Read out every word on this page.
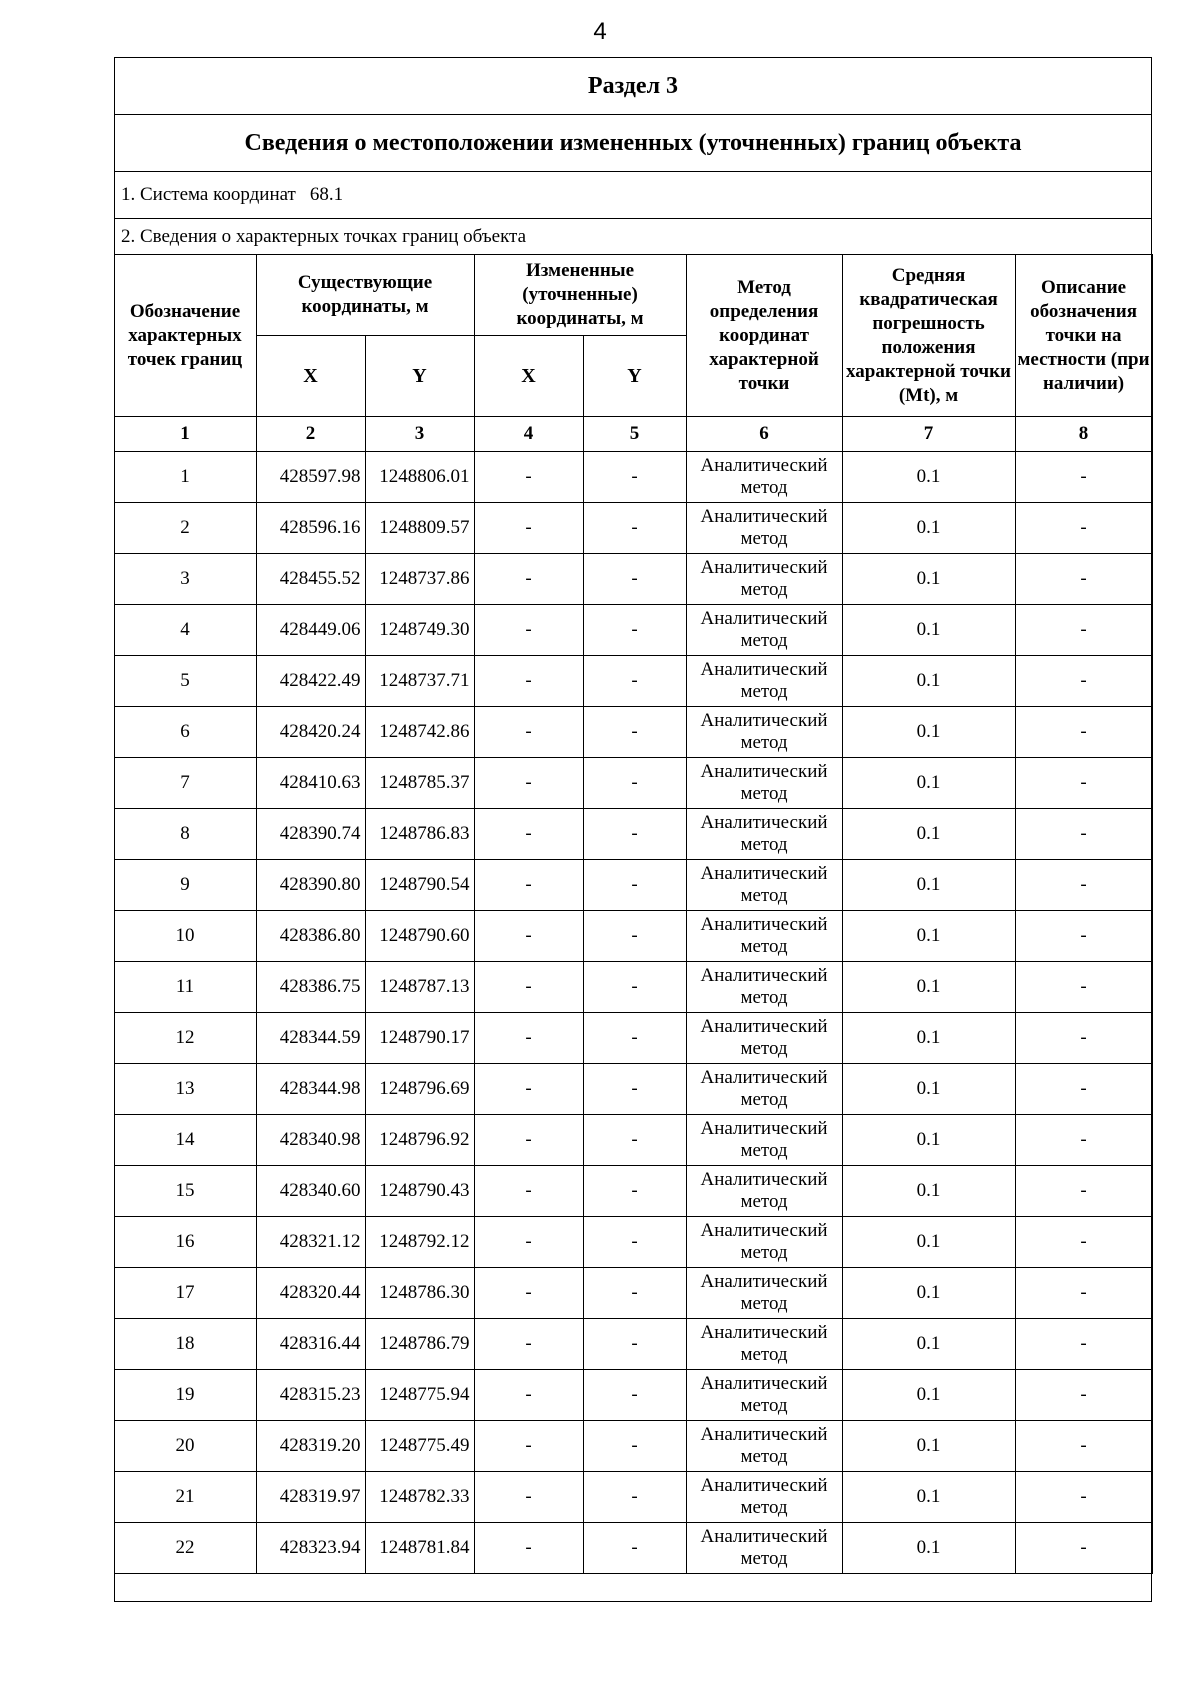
4
Раздел 3
Сведения о местоположении измененных (уточненных) границ объекта
1. Система координат 68.1
2. Сведения о характерных точках границ объекта
Обозначение характерных точек границ	Существующие координаты, м		Измененные (уточненные) координаты, м		Метод определения координат характерной точки	Средняя квадратическая погрешность положения характерной точки (Mt), м	Описание обозначения точки на местности (при наличии)
	X	Y	X	Y			
1	2	3	4	5	6	7	8
1	428597.98	1248806.01	-	-	Аналитический метод	0.1	-
2	428596.16	1248809.57	-	-	Аналитический метод	0.1	-
3	428455.52	1248737.86	-	-	Аналитический метод	0.1	-
4	428449.06	1248749.30	-	-	Аналитический метод	0.1	-
5	428422.49	1248737.71	-	-	Аналитический метод	0.1	-
6	428420.24	1248742.86	-	-	Аналитический метод	0.1	-
7	428410.63	1248785.37	-	-	Аналитический метод	0.1	-
8	428390.74	1248786.83	-	-	Аналитический метод	0.1	-
9	428390.80	1248790.54	-	-	Аналитический метод	0.1	-
10	428386.80	1248790.60	-	-	Аналитический метод	0.1	-
11	428386.75	1248787.13	-	-	Аналитический метод	0.1	-
12	428344.59	1248790.17	-	-	Аналитический метод	0.1	-
13	428344.98	1248796.69	-	-	Аналитический метод	0.1	-
14	428340.98	1248796.92	-	-	Аналитический метод	0.1	-
15	428340.60	1248790.43	-	-	Аналитический метод	0.1	-
16	428321.12	1248792.12	-	-	Аналитический метод	0.1	-
17	428320.44	1248786.30	-	-	Аналитический метод	0.1	-
18	428316.44	1248786.79	-	-	Аналитический метод	0.1	-
19	428315.23	1248775.94	-	-	Аналитический метод	0.1	-
20	428319.20	1248775.49	-	-	Аналитический метод	0.1	-
21	428319.97	1248782.33	-	-	Аналитический метод	0.1	-
22	428323.94	1248781.84	-	-	Аналитический метод	0.1	-
